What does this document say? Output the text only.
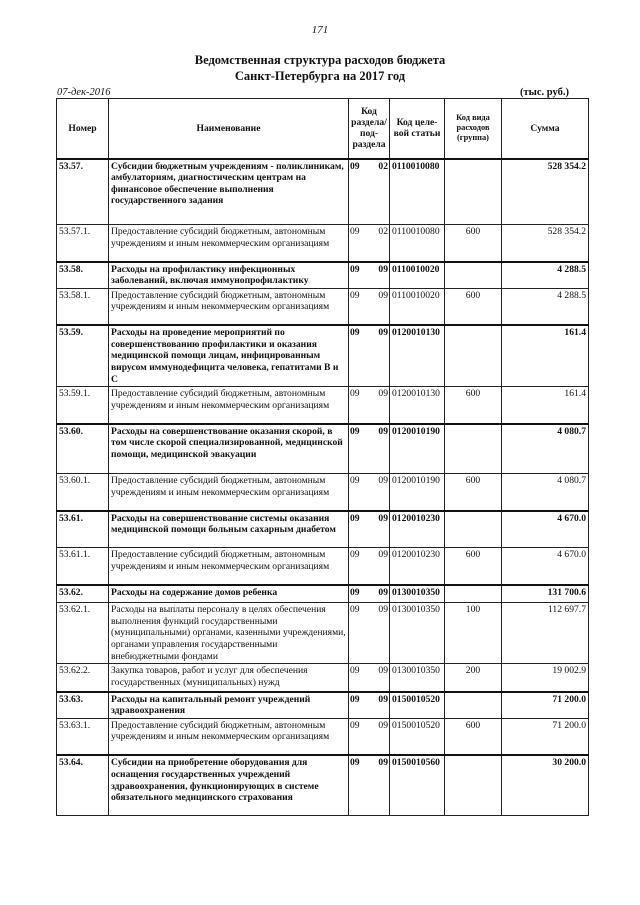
171
Ведомственная структура расходов бюджета
Санкт-Петербурга на 2017 год
07-дек-2016	(тыс. руб.)
Номер	Наименование	Код раздела/ под- раздела	Код целе- вой статьи	Код вида расходов (группа)	Сумма
53.57.	Субсидии бюджетным учреждениям - поликлиникам, амбулаториям, диагностическим центрам на финансовое обеспечение выполнения государственного задания	09 02	0110010080		528 354.2
53.57.1.	Предоставление субсидий бюджетным, автономным учреждениям и иным некоммерческим организациям	09 02	0110010080	600	528 354.2
53.58.	Расходы на профилактику инфекционных заболеваний, включая иммунопрофилактику	09 09	0110010020		4 288.5
53.58.1.	Предоставление субсидий бюджетным, автономным учреждениям и иным некоммерческим организациям	09 09	0110010020	600	4 288.5
53.59.	Расходы на проведение мероприятий по совершенствованию профилактики и оказания медицинской помощи лицам, инфицированным вирусом иммунодефицита человека, гепатитами В и С	09 09	0120010130		161.4
53.59.1.	Предоставление субсидий бюджетным, автономным учреждениям и иным некоммерческим организациям	09 09	0120010130	600	161.4
53.60.	Расходы на совершенствование оказания скорой, в том числе скорой специализированной, медицинской помощи, медицинской эвакуации	09 09	0120010190		4 080.7
53.60.1.	Предоставление субсидий бюджетным, автономным учреждениям и иным некоммерческим организациям	09 09	0120010190	600	4 080.7
53.61.	Расходы на совершенствование системы оказания медицинской помощи больным сахарным диабетом	09 09	0120010230		4 670.0
53.61.1.	Предоставление субсидий бюджетным, автономным учреждениям и иным некоммерческим организациям	09 09	0120010230	600	4 670.0
53.62.	Расходы на содержание домов ребенка	09 09	0130010350		131 700.6
53.62.1.	Расходы на выплаты персоналу в целях обеспечения выполнения функций государственными (муниципальными) органами, казенными учреждениями, органами управления государственными внебюджетными фондами	09 09	0130010350	100	112 697.7
53.62.2.	Закупка товаров, работ и услуг для обеспечения государственных (муниципальных) нужд	09 09	0130010350	200	19 002.9
53.63.	Расходы на капитальный ремонт учреждений здравоохранения	09 09	0150010520		71 200.0
53.63.1.	Предоставление субсидий бюджетным, автономным учреждениям и иным некоммерческим организациям	09 09	0150010520	600	71 200.0
53.64.	Субсидии на приобретение оборудования для оснащения государственных учреждений здравоохранения, функционирующих в системе обязательного медицинского страхования	09 09	0150010560		30 200.0
